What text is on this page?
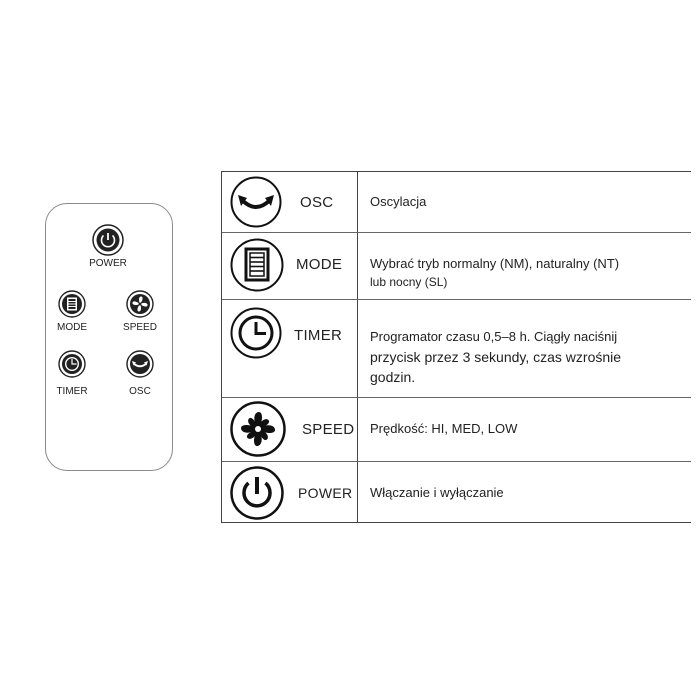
POWER
MODE	SPEED
TIMER	OSC
OSC	Oscylacja
MODE Wybrać tryb normalny (NM), naturalny (NT)
lub nocny (SL)
TIMER Programator czasu 0,5–8 h. Ciągły naciśnij
przycisk przez 3 sekundy, czas wzrośnie
godzin.
SPEED Prędkość: HI, MED, LOW
POWER Włączanie i wyłączanie
